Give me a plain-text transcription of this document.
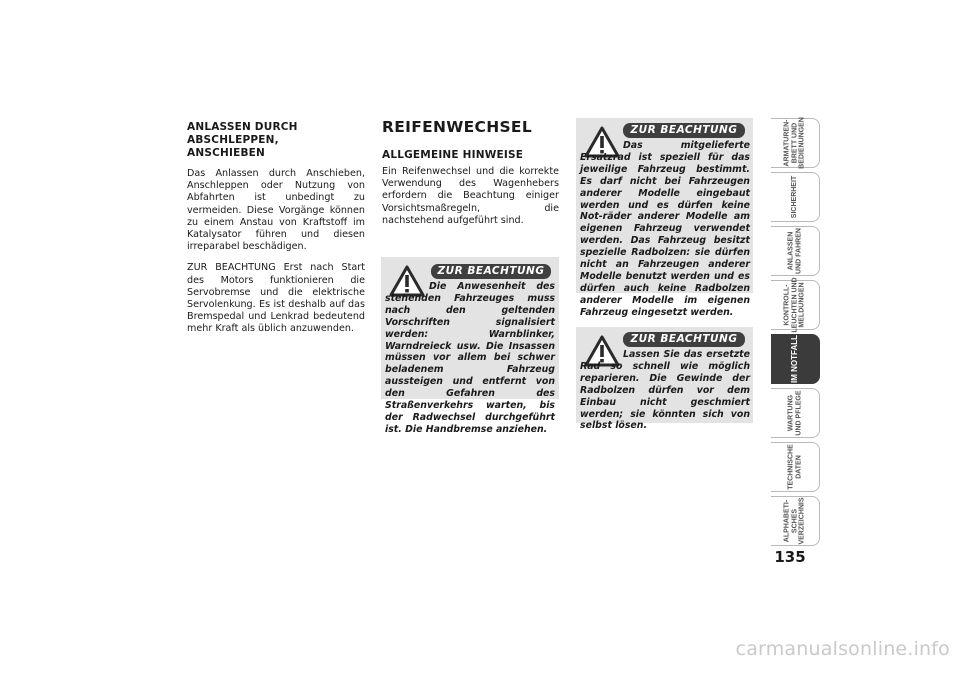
ANLASSEN DURCH ABSCHLEPPEN, ANSCHIEBEN

Das Anlassen durch Anschieben, Anschleppen oder Nutzung von Abfahrten ist unbedingt zu vermeiden. Diese Vorgänge können zu einem Anstau von Kraftstoff im Katalysator führen und diesen irreparabel beschädigen.

ZUR BEACHTUNG Erst nach Start des Motors funktionieren die Servobremse und die elektrische Servolenkung. Es ist deshalb auf das Bremspedal und Lenkrad bedeutend mehr Kraft als üblich anzuwenden.

REIFENWECHSEL

ALLGEMEINE HINWEISE

Ein Reifenwechsel und die korrekte Verwendung des Wagenhebers erfordern die Beachtung einiger Vorsichtsmaßregeln, die nachstehend aufgeführt sind.

ZUR BEACHTUNG
Die Anwesenheit des stehenden Fahrzeuges muss nach den geltenden Vorschriften signalisiert werden: Warnblinker, Warndreieck usw. Die Insassen müssen vor allem bei schwer beladenem Fahrzeug aussteigen und entfernt von den Gefahren des Straßenverkehrs warten, bis der Radwechsel durchgeführt ist. Die Handbremse anziehen.
ZUR BEACHTUNG
Das mitgelieferte Ersatzrad ist speziell für das jeweilige Fahrzeug bestimmt. Es darf nicht bei Fahrzeugen anderer Modelle eingebaut werden und es dürfen keine Not-räder anderer Modelle am eigenen Fahrzeug verwendet werden. Das Fahrzeug besitzt spezielle Radbolzen: sie dürfen nicht an Fahrzeugen anderer Modelle benutzt werden und es dürfen auch keine Radbolzen anderer Modelle im eigenen Fahrzeug eingesetzt werden.
ZUR BEACHTUNG
Lassen Sie das ersetzte Rad so schnell wie möglich reparieren. Die Gewinde der Radbolzen dürfen vor dem Einbau nicht geschmiert werden; sie könnten sich von selbst lösen.
ARMATUREN-
BRETT UND
BEDIENUNGEN
SICHERHEIT
ANLASSEN
UND FAHREN
KONTROLL-
LEUCHTEN UND
MELDUNGEN
IM NOTFALL
WARTUNG
UND PFLEGE
TECHNISCHE
DATEN
ALPHABETI-
SCHES
VERZEICHNIS
135
carmanualsonline.info
